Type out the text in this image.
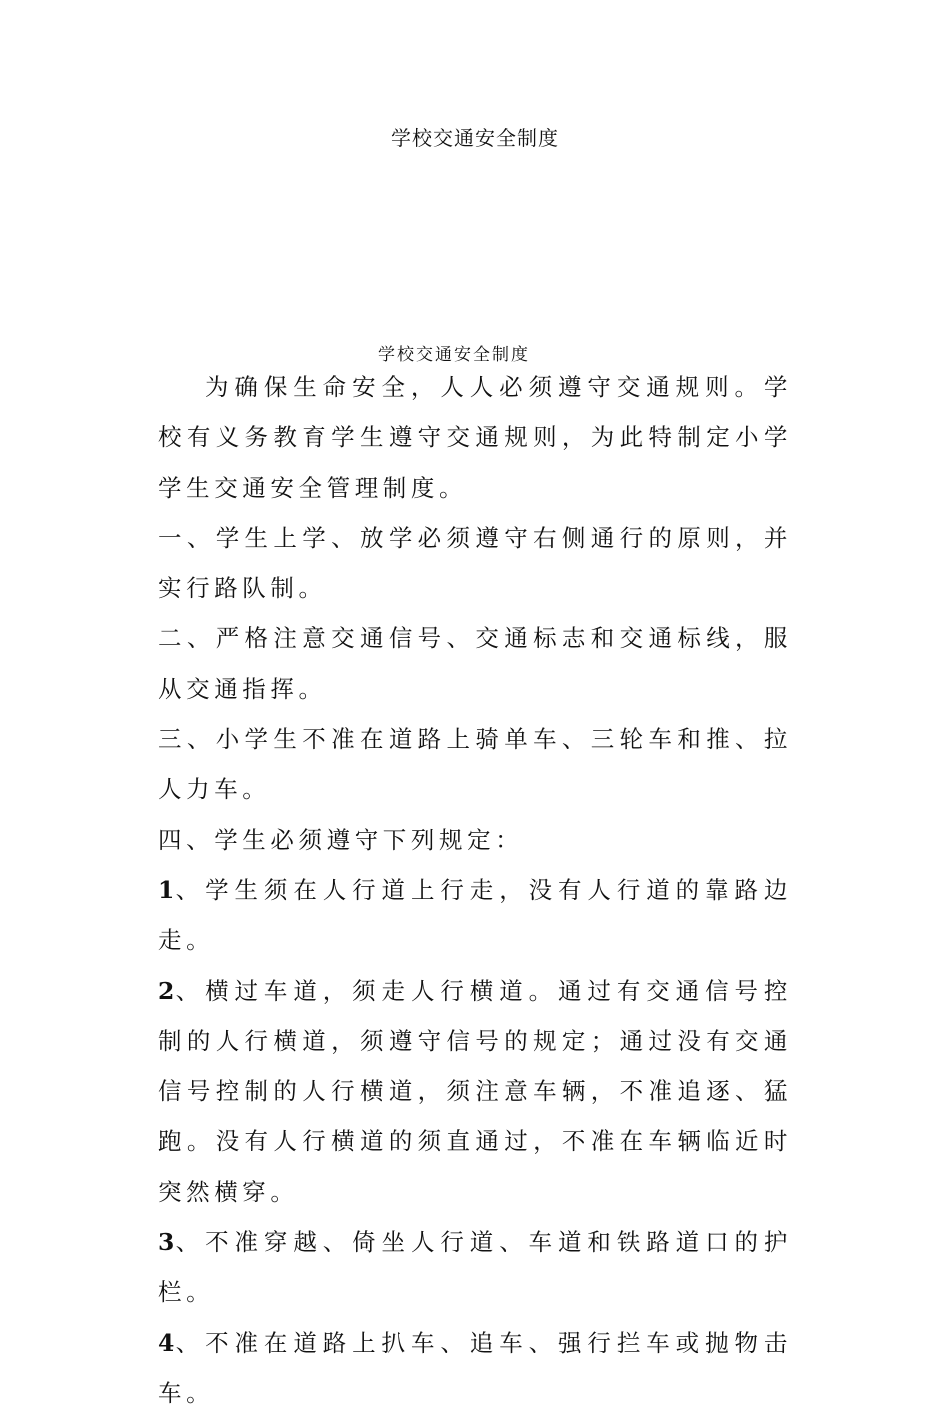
学校交通安全制度
学校交通安全制度

为确保生命安全，人人必须遵守交通规则。学校有义务教育学生遵守交通规则，为此特制定小学学生交通安全管理制度。

一、学生上学、放学必须遵守右侧通行的原则，并实行路队制。

二、严格注意交通信号、交通标志和交通标线，服从交通指挥。

三、小学生不准在道路上骑单车、三轮车和推、拉人力车。

四、学生必须遵守下列规定：

1、学生须在人行道上行走，没有人行道的靠路边走。

2、横过车道，须走人行横道。通过有交通信号控制的人行横道，须遵守信号的规定；通过没有交通信号控制的人行横道，须注意车辆，不准追逐、猛跑。没有人行横道的须直通过，不准在车辆临近时突然横穿。

3、不准穿越、倚坐人行道、车道和铁路道口的护栏。

4、不准在道路上扒车、追车、强行拦车或抛物击车。
